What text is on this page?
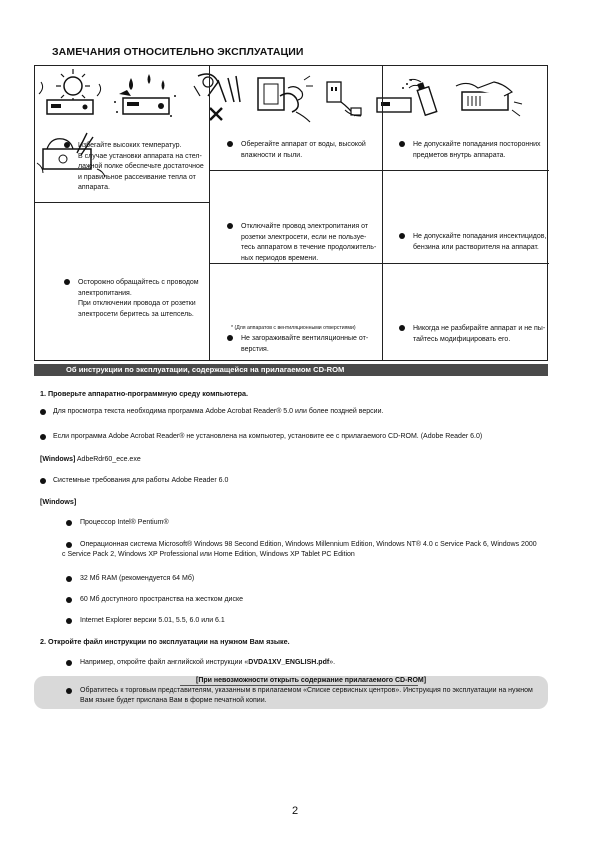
ЗАМЕЧАНИЯ ОТНОСИТЕЛЬНО ЭКСПЛУАТАЦИИ

Избегайте высоких температур.

В случае установки аппарата на стел-

лажной полке обеспечьте достаточное

и правильное рассеивание тепла от

аппарата.

Оберегайте аппарат от воды, высокой

влажности и пыли.

Не допускайте попадания посторонних

предметов внутрь аппарата.

Осторожно обращайтесь с проводом

электропитания.

При отключении провода от розетки

электросети беритесь за штепсель.

Отключайте провод электропитания от

розетки электросети, если не пользуе-

тесь аппаратом в течение продолжитель-

ных периодов времени.

Не допускайте попадания инсектицидов,

бензина или растворителя на аппарат.

* (Для аппаратов с вентиляционными отверстиями)

Не загораживайте вентиляционные от-

верстия.

Никогда не разбирайте аппарат и не пы-

тайтесь модифицировать его.

Об инструкции по эксплуатации, содержащейся на прилагаемом CD-ROM
1. Проверьте аппаратно-программную среду компьютера.
Для просмотра текста необходима программа Adobe Acrobat Reader® 5.0 или более поздней версии.
Если программа Adobe Acrobat Reader® не установлена на компьютер, установите ее с прилагаемого CD-ROM. (Adobe Reader 6.0)
[Windows] AdbeRdr60_ece.exe
Системные требования для работы Adobe Reader 6.0
[Windows]
Процессор Intel® Pentium®
Операционная система Microsoft® Windows 98 Second Edition, Windows Millennium Edition, Windows NT® 4.0 с Service Pack 6, Windows 2000
с Service Pack 2, Windows XP Professional или Home Edition, Windows XP Tablet PC Edition
32 Мб RAM (рекомендуется 64 Мб)
60 Мб доступного пространства на жестком диске
Internet Explorer версии 5.01, 5.5, 6.0 или 6.1
2. Откройте файл инструкции по эксплуатации на нужном Вам языке.
Например, откройте файл английской инструкции «DVDA1XV_ENGLISH.pdf».
[При невозможности открыть содержание прилагаемого CD-ROM]
Обратитесь к торговым представителям, указанным в прилагаемом «Списке сервисных центров». Инструкция по эксплуатации на нужном
Вам языке будет прислана Вам в форме печатной копии.
2
